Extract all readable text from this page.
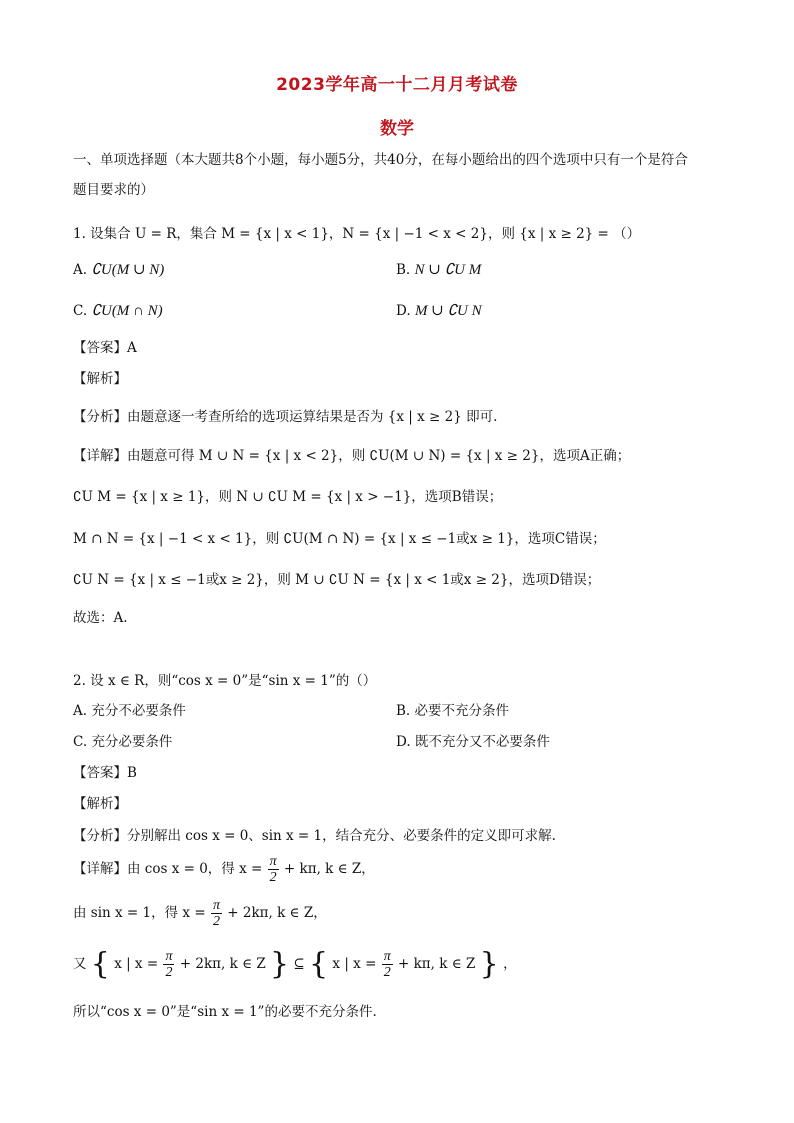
2023学年高一十二月月考试卷
数学
一、单项选择题（本大题共8个小题，每小题5分，共40分，在每小题给出的四个选项中只有一个是符合
题目要求的）
1. 设集合 U = R，集合 M = {x | x < 1}，N = {x | −1 < x < 2}，则 {x | x ≥ 2} = （）
A. ∁U(M ∪ N)	B. N ∪ ∁U M
C. ∁U(M ∩ N)	D. M ∪ ∁U N
【答案】A
【解析】
【分析】由题意逐一考查所给的选项运算结果是否为 {x | x ≥ 2} 即可.
【详解】由题意可得 M ∪ N = {x | x < 2}，则 ∁U(M ∪ N) = {x | x ≥ 2}，选项A正确；
∁U M = {x | x ≥ 1}，则 N ∪ ∁U M = {x | x > −1}，选项B错误；
M ∩ N = {x | −1 < x < 1}，则 ∁U(M ∩ N) = {x | x ≤ −1或x ≥ 1}，选项C错误；
∁U N = {x | x ≤ −1或x ≥ 2}，则 M ∪ ∁U N = {x | x < 1或x ≥ 2}，选项D错误；
故选：A.
2. 设 x ∈ R，则“cos x = 0”是“sin x = 1”的（）
A. 充分不必要条件	B. 必要不充分条件
C. 充分必要条件	D. 既不充分又不必要条件
【答案】B
【解析】
【分析】分别解出 cos x = 0、sin x = 1，结合充分、必要条件的定义即可求解.
【详解】由 cos x = 0，得 $x = \frac{\pi}{2} + k\pi$, k ∈ Z，
由 sin x = 1，得 $x = \frac{\pi}{2} + 2k\pi$, k ∈ Z，
又 { x | $x = \frac{\pi}{2} + 2k\pi$, k ∈ Z } ⊆ { x | $x = \frac{\pi}{2} + k\pi$, k ∈ Z } ，
所以“cos x = 0”是“sin x = 1”的必要不充分条件.
